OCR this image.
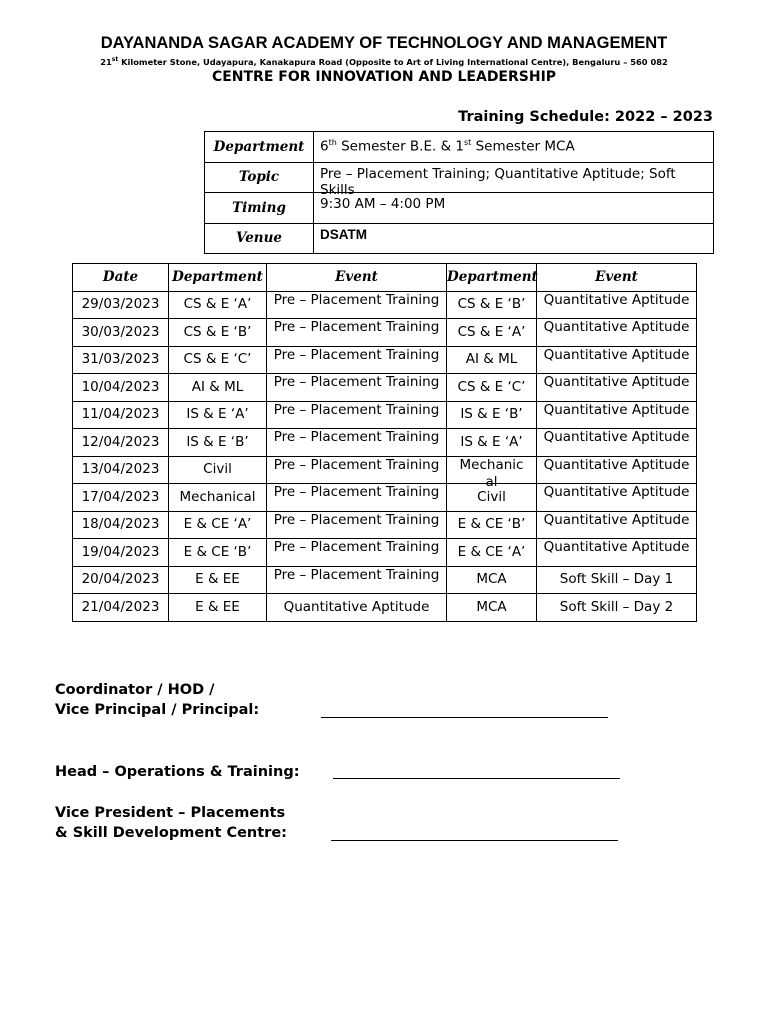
DAYANANDA SAGAR ACADEMY OF TECHNOLOGY AND MANAGEMENT
21st Kilometer Stone, Udayapura, Kanakapura Road (Opposite to Art of Living International Centre), Bengaluru – 560 082
CENTRE FOR INNOVATION AND LEADERSHIP
Training Schedule: 2022 – 2023
Department	6th Semester B.E. & 1st Semester MCA
Topic	Pre – Placement Training; Quantitative Aptitude; Soft Skills

Timing	9:30 AM – 4:00 PM
Venue	DSATM
Date	Department	Event	Department	Event
29/03/2023	CS & E ‘A’	Pre – Placement Training	CS & E ‘B’	Quantitative Aptitude

30/03/2023	CS & E ‘B’	Pre – Placement Training	CS & E ‘A’	Quantitative Aptitude

31/03/2023	CS & E ‘C’	Pre – Placement Training	AI & ML	Quantitative Aptitude

10/04/2023	AI & ML	Pre – Placement Training	CS & E ‘C’	Quantitative Aptitude

11/04/2023	IS & E ‘A’	Pre – Placement Training	IS & E ‘B’	Quantitative Aptitude

12/04/2023	IS & E ‘B’	Pre – Placement Training	IS & E ‘A’	Quantitative Aptitude

13/04/2023	Civil	Pre – Placement Training	Mechanical	Quantitative Aptitude

17/04/2023	Mechanical	Pre – Placement Training	Civil	Quantitative Aptitude

18/04/2023	E & CE ‘A’	Pre – Placement Training	E & CE ‘B’	Quantitative Aptitude

19/04/2023	E & CE ‘B’	Pre – Placement Training	E & CE ‘A’	Quantitative Aptitude

20/04/2023	E & EE	Pre – Placement Training	MCA	Soft Skill – Day 1
21/04/2023	E & EE	Quantitative Aptitude	MCA	Soft Skill – Day 2
Coordinator / HOD /
Vice Principal / Principal:
Head – Operations & Training:
Vice President – Placements
& Skill Development Centre:
